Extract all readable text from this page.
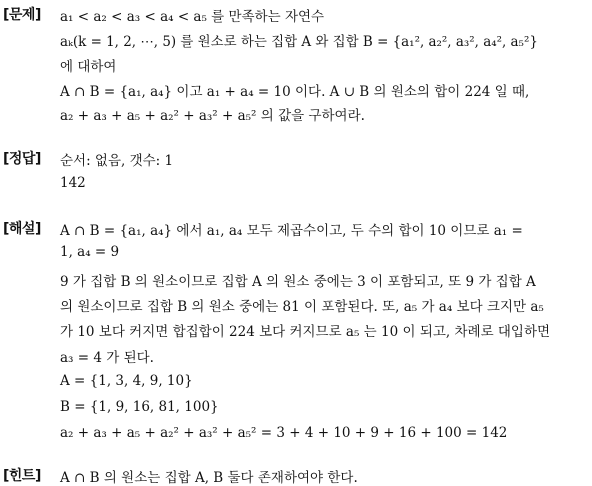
[문제] a₁ < a₂ < a₃ < a₄ < a₅ 를 만족하는 자연수
aₖ(k = 1, 2, ⋯, 5) 를 원소로 하는 집합 A 와 집합 B = {a₁², a₂², a₃², a₄², a₅²}
에 대하여
A ∩ B = {a₁, a₄} 이고 a₁ + a₄ = 10 이다. A ∪ B 의 원소의 합이 224 일 때,
a₂ + a₃ + a₅ + a₂² + a₃² + a₅² 의 값을 구하여라.
[정답] 순서: 없음, 갯수: 1
142
[해설] A ∩ B = {a₁, a₄} 에서 a₁, a₄ 모두 제곱수이고, 두 수의 합이 10 이므로 a₁ =
1, a₄ = 9
9 가 집합 B 의 원소이므로 집합 A 의 원소 중에는 3 이 포함되고, 또 9 가 집합 A
의 원소이므로 집합 B 의 원소 중에는 81 이 포함된다. 또, a₅ 가 a₄ 보다 크지만 a₅
가 10 보다 커지면 합집합이 224 보다 커지므로 a₅ 는 10 이 되고, 차례로 대입하면
a₃ = 4 가 된다.
A = {1, 3, 4, 9, 10}
B = {1, 9, 16, 81, 100}
a₂ + a₃ + a₅ + a₂² + a₃² + a₅² = 3 + 4 + 10 + 9 + 16 + 100 = 142
[힌트] A ∩ B 의 원소는 집합 A, B 둘다 존재하여야 한다.
